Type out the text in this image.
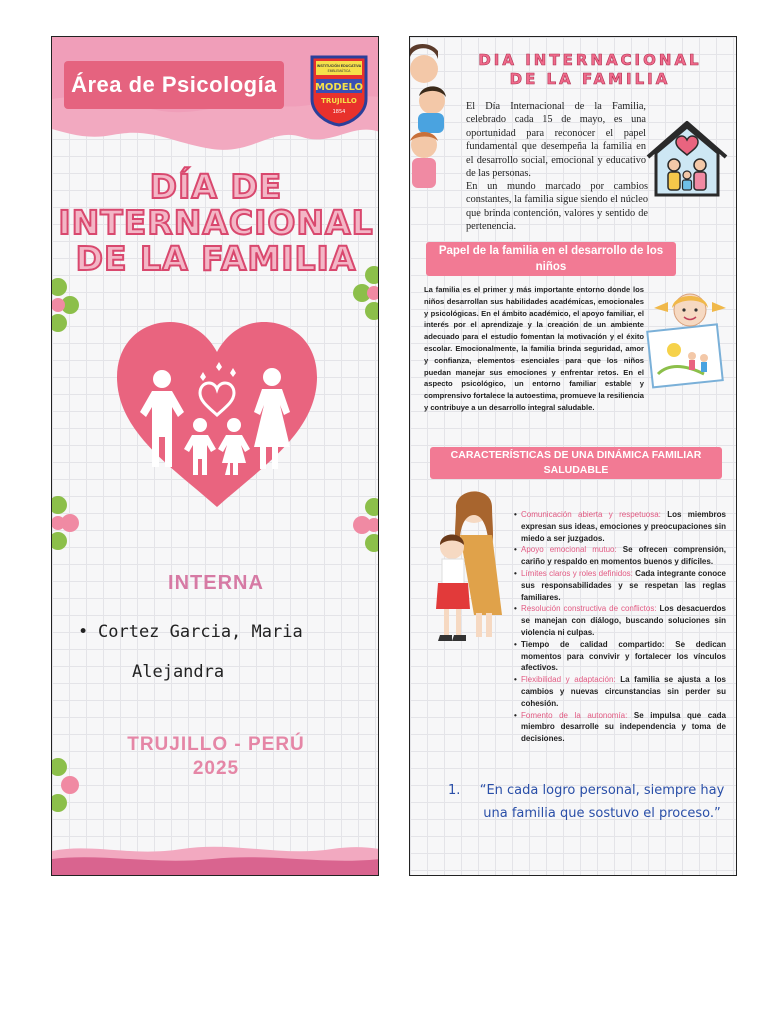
Área de Psicología
INSTITUCIÓN EDUCATIVA
EMBLEMÁTICA
MODELO
TRUJILLO
1854
DÍA DE
INTERNACIONAL
DE LA FAMILIA
INTERNA
• Cortez Garcia, Maria
Alejandra
TRUJILLO - PERÚ
2025
DIA INTERNACIONAL
DE LA FAMILIA
El Día Internacional de la Familia, celebrado cada 15 de mayo, es una oportunidad para reconocer el papel fundamental que desempeña la familia en el desarrollo social, emocional y educativo de las personas.
En un mundo marcado por cambios constantes, la familia sigue siendo el núcleo que brinda contención, valores y sentido de pertenencia.
Papel de la familia en el desarrollo de los niños
La familia es el primer y más importante entorno donde los niños desarrollan sus habilidades académicas, emocionales y psicológicas. En el ámbito académico, el apoyo familiar, el interés por el aprendizaje y la creación de un ambiente adecuado para el estudio fomentan la motivación y el éxito escolar. Emocionalmente, la familia brinda seguridad, amor y confianza, elementos esenciales para que los niños puedan manejar sus emociones y enfrentar retos. En el aspecto psicológico, un entorno familiar estable y comprensivo fortalece la autoestima, promueve la resiliencia y contribuye a un desarrollo integral saludable.
CARACTERÍSTICAS DE UNA DINÁMICA FAMILIAR SALUDABLE
• Comunicación abierta y respetuosa: Los miembros expresan sus ideas, emociones y preocupaciones sin miedo a ser juzgados.
• Apoyo emocional mutuo: Se ofrecen comprensión, cariño y respaldo en momentos buenos y difíciles.
• Límites claros y roles definidos: Cada integrante conoce sus responsabilidades y se respetan las reglas familiares.
• Resolución constructiva de conflictos: Los desacuerdos se manejan con diálogo, buscando soluciones sin violencia ni culpas.
• Tiempo de calidad compartido: Se dedican momentos para convivir y fortalecer los vínculos afectivos.
• Flexibilidad y adaptación: La familia se ajusta a los cambios y nuevas circunstancias sin perder su cohesión.
• Fomento de la autonomía: Se impulsa que cada miembro desarrolle su independencia y toma de decisiones.
1.	“En cada logro personal, siempre hay una familia que sostuvo el proceso.”
